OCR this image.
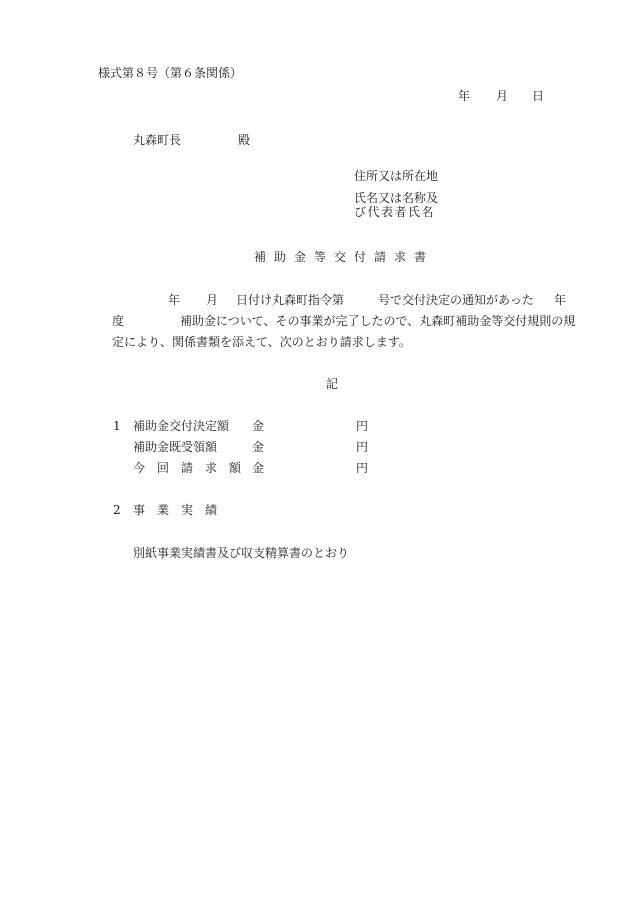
様式第８号（第６条関係）
年 月 日
丸森町長	殿
住所又は所在地
氏名又は名称及
び代表者氏名
補助金等交付請求書
年 月 日付け丸森町指令第	号で交付決定の通知があった 年
度	補助金について、その事業が完了したので、丸森町補助金等交付規則の規
定により、関係書類を添えて、次のとおり請求します。
記
1 補助金交付決定額 金	円
補助金既受領額	金	円
今　回　請　求　額 金	円
2 事　業　実　績
別紙事業実績書及び収支精算書のとおり
